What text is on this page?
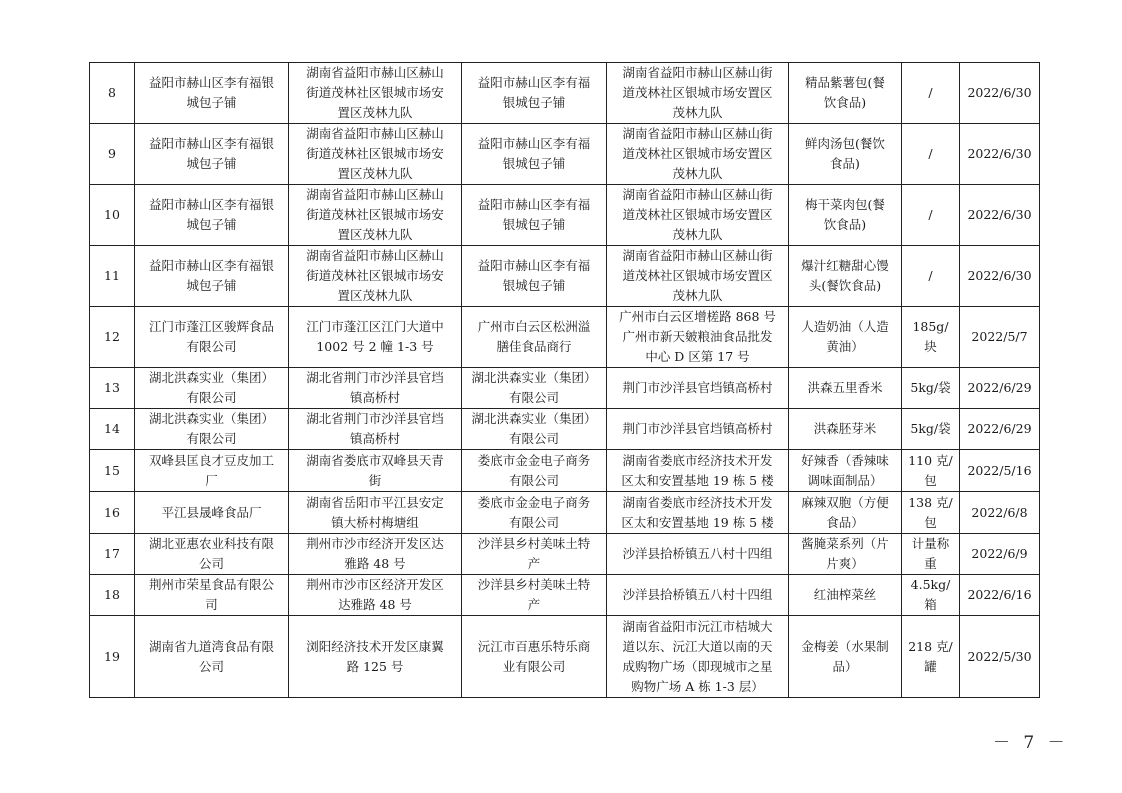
8	益阳市赫山区李有福银
城包子铺	湖南省益阳市赫山区赫山
街道茂林社区银城市场安
置区茂林九队	益阳市赫山区李有福
银城包子铺	湖南省益阳市赫山区赫山街
道茂林社区银城市场安置区
茂林九队	精品紫薯包(餐
饮食品)	/	2022/6/30
9	益阳市赫山区李有福银
城包子铺	湖南省益阳市赫山区赫山
街道茂林社区银城市场安
置区茂林九队	益阳市赫山区李有福
银城包子铺	湖南省益阳市赫山区赫山街
道茂林社区银城市场安置区
茂林九队	鲜肉汤包(餐饮
食品)	/	2022/6/30
10	益阳市赫山区李有福银
城包子铺	湖南省益阳市赫山区赫山
街道茂林社区银城市场安
置区茂林九队	益阳市赫山区李有福
银城包子铺	湖南省益阳市赫山区赫山街
道茂林社区银城市场安置区
茂林九队	梅干菜肉包(餐
饮食品)	/	2022/6/30
11	益阳市赫山区李有福银
城包子铺	湖南省益阳市赫山区赫山
街道茂林社区银城市场安
置区茂林九队	益阳市赫山区李有福
银城包子铺	湖南省益阳市赫山区赫山街
道茂林社区银城市场安置区
茂林九队	爆汁红糖甜心馒
头(餐饮食品)	/	2022/6/30
12	江门市蓬江区骏辉食品
有限公司	江门市蓬江区江门大道中
1002 号 2 幢 1-3 号	广州市白云区松洲溢
膳佳食品商行	广州市白云区增槎路 868 号
广州市新天皴粮油食品批发
中心 D 区第 17 号	人造奶油（人造
黄油）	185g/
块	2022/5/7
13	湖北洪森实业（集团）
有限公司	湖北省荆门市沙洋县官垱
镇高桥村	湖北洪森实业（集团）
有限公司	荆门市沙洋县官垱镇高桥村	洪森五里香米	5kg/袋	2022/6/29
14	湖北洪森实业（集团）
有限公司	湖北省荆门市沙洋县官垱
镇高桥村	湖北洪森实业（集团）
有限公司	荆门市沙洋县官垱镇高桥村	洪森胚芽米	5kg/袋	2022/6/29
15	双峰县匡良才豆皮加工
厂	湖南省娄底市双峰县天青
街	娄底市金金电子商务
有限公司	湖南省娄底市经济技术开发
区太和安置基地 19 栋 5 楼	好辣香（香辣味
调味面制品）	110 克/
包	2022/5/16
16	平江县晟峰食品厂	湖南省岳阳市平江县安定
镇大桥村梅塘组	娄底市金金电子商务
有限公司	湖南省娄底市经济技术开发
区太和安置基地 19 栋 5 楼	麻辣双胞（方便
食品）	138 克/
包	2022/6/8
17	湖北亚惠农业科技有限
公司	荆州市沙市经济开发区达
雅路 48 号	沙洋县乡村美味土特
产	沙洋县拾桥镇五八村十四组	酱腌菜系列（片
片爽）	计量称
重	2022/6/9
18	荆州市荣星食品有限公
司	荆州市沙市区经济开发区
达雅路 48 号	沙洋县乡村美味土特
产	沙洋县拾桥镇五八村十四组	红油榨菜丝	4.5kg/
箱	2022/6/16
19	湖南省九道湾食品有限
公司	浏阳经济技术开发区康翼
路 125 号	沅江市百惠乐特乐商
业有限公司	湖南省益阳市沅江市桔城大
道以东、沅江大道以南的天
成购物广场（即现城市之星
购物广场 A 栋 1-3 层）	金梅姜（水果制
品）	218 克/
罐	2022/5/30
－ 7 －
